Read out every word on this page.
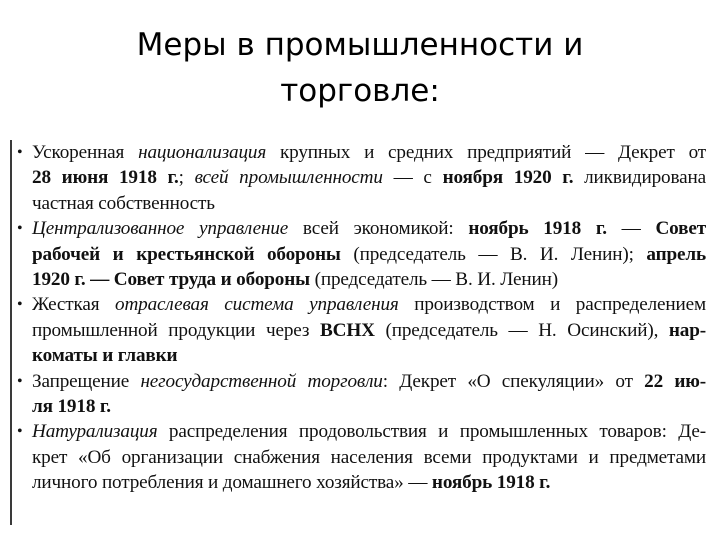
Меры в промышленности и
торговле:
• Ускоренная национализация крупных и средних предприятий — Декрет от
28 июня 1918 г.; всей промышленности — с ноября 1920 г. ликвидирована
частная собственность
• Централизованное управление всей экономикой: ноябрь 1918 г. — Совет
рабочей и крестьянской обороны (председатель — В. И. Ленин); апрель
1920 г. — Совет труда и обороны (председатель — В. И. Ленин)
• Жесткая отраслевая система управления производством и распределением
промышленной продукции через ВСНХ (председатель — Н. Осинский), нар-
коматы и главки
• Запрещение негосударственной торговли: Декрет «О спекуляции» от 22 ию-
ля 1918 г.
• Натурализация распределения продовольствия и промышленных товаров: Де-
крет «Об организации снабжения населения всеми продуктами и предметами
личного потребления и домашнего хозяйства» — ноябрь 1918 г.
